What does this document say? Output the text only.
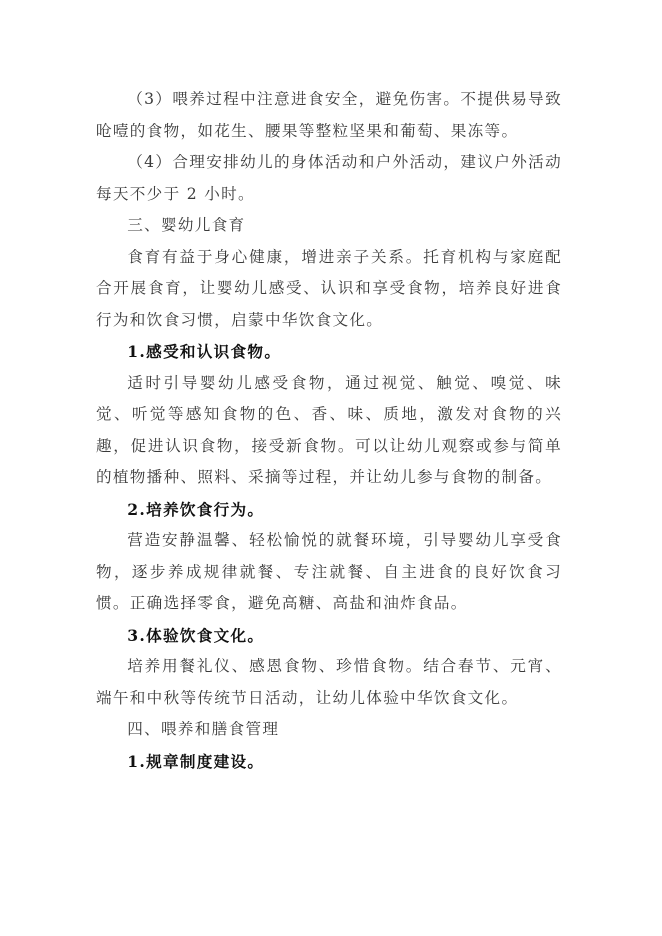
（3）喂养过程中注意进食安全，避免伤害。不提供易导致呛噎的食物，如花生、腰果等整粒坚果和葡萄、果冻等。

（4）合理安排幼儿的身体活动和户外活动，建议户外活动每天不少于 2 小时。

三、婴幼儿食育

食育有益于身心健康，增进亲子关系。托育机构与家庭配合开展食育，让婴幼儿感受、认识和享受食物，培养良好进食行为和饮食习惯，启蒙中华饮食文化。

1.感受和认识食物。

适时引导婴幼儿感受食物，通过视觉、触觉、嗅觉、味觉、听觉等感知食物的色、香、味、质地，激发对食物的兴趣，促进认识食物，接受新食物。可以让幼儿观察或参与简单的植物播种、照料、采摘等过程，并让幼儿参与食物的制备。

2.培养饮食行为。

营造安静温馨、轻松愉悦的就餐环境，引导婴幼儿享受食物，逐步养成规律就餐、专注就餐、自主进食的良好饮食习惯。正确选择零食，避免高糖、高盐和油炸食品。

3.体验饮食文化。

培养用餐礼仪、感恩食物、珍惜食物。结合春节、元宵、端午和中秋等传统节日活动，让幼儿体验中华饮食文化。

四、喂养和膳食管理

1.规章制度建设。
